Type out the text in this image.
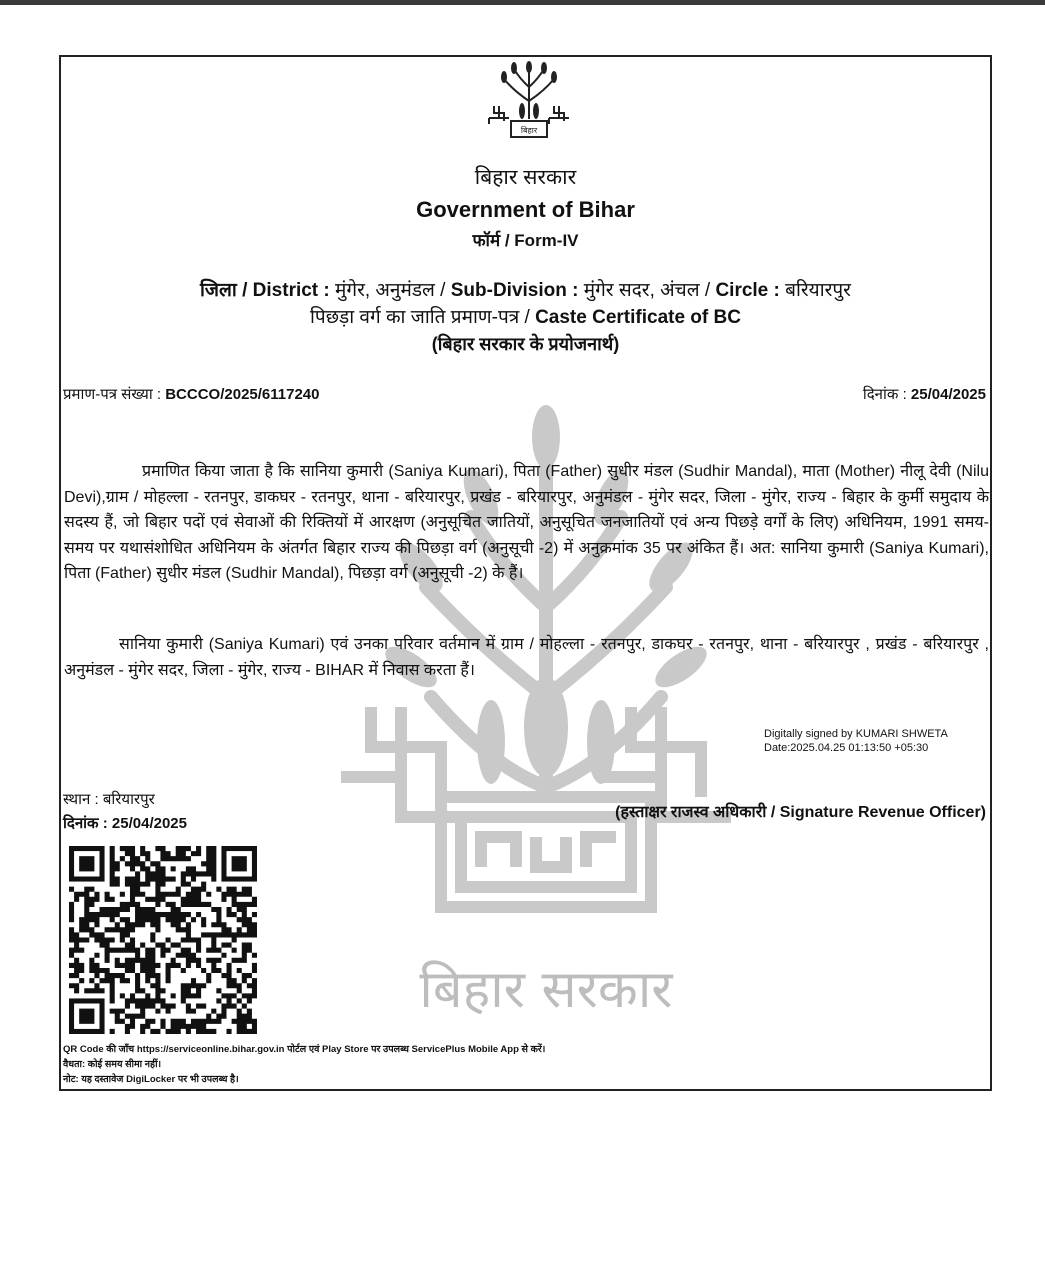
बिहार सरकार
बिहार
बिहार सरकार
Government of Bihar
फॉर्म / Form-IV
जिला / District : मुंगेर, अनुमंडल / Sub-Division : मुंगेर सदर, अंचल / Circle : बरियारपुर
पिछड़ा वर्ग का जाति प्रमाण-पत्र / Caste Certificate of BC
(बिहार सरकार के प्रयोजनार्थ)
प्रमाण-पत्र संख्या : BCCCO/2025/6117240	दिनांक : 25/04/2025
प्रमाणित किया जाता है कि सानिया कुमारी (Saniya Kumari), पिता (Father) सुधीर मंडल (Sudhir Mandal), माता (Mother) नीलू देवी (Nilu Devi),ग्राम / मोहल्ला - रतनपुर, डाकघर - रतनपुर, थाना - बरियारपुर, प्रखंड - बरियारपुर, अनुमंडल - मुंगेर सदर, जिला - मुंगेर, राज्य - बिहार के कुर्मी समुदाय के सदस्य हैं, जो बिहार पदों एवं सेवाओं की रिक्तियों में आरक्षण (अनुसूचित जातियों, अनुसूचित जनजातियों एवं अन्य पिछड़े वर्गों के लिए) अधिनियम, 1991 समय-समय पर यथासंशोधित अधिनियम के अंतर्गत बिहार राज्य की पिछड़ा वर्ग (अनुसूची -2) में अनुक्रमांक 35 पर अंकित हैं। अत: सानिया कुमारी (Saniya Kumari), पिता (Father) सुधीर मंडल (Sudhir Mandal), पिछड़ा वर्ग (अनुसूची -2) के हैं।
सानिया कुमारी (Saniya Kumari) एवं उनका परिवार वर्तमान में ग्राम / मोहल्ला - रतनपुर, डाकघर - रतनपुर, थाना - बरियारपुर , प्रखंड - बरियारपुर , अनुमंडल - मुंगेर सदर, जिला - मुंगेर, राज्य - BIHAR में निवास करता हैं।
Digitally signed by KUMARI SHWETA
Date:2025.04.25 01:13:50 +05:30
स्थान : बरियारपुर
दिनांक : 25/04/2025
(हस्ताक्षर राजस्व अधिकारी / Signature Revenue Officer)
QR Code की जाँच https://serviceonline.bihar.gov.in पोर्टल एवं Play Store पर उपलब्ध ServicePlus Mobile App से करें।
वैधता: कोई समय सीमा नहीं।
नोट: यह दस्तावेज DigiLocker पर भी उपलब्ध है।
